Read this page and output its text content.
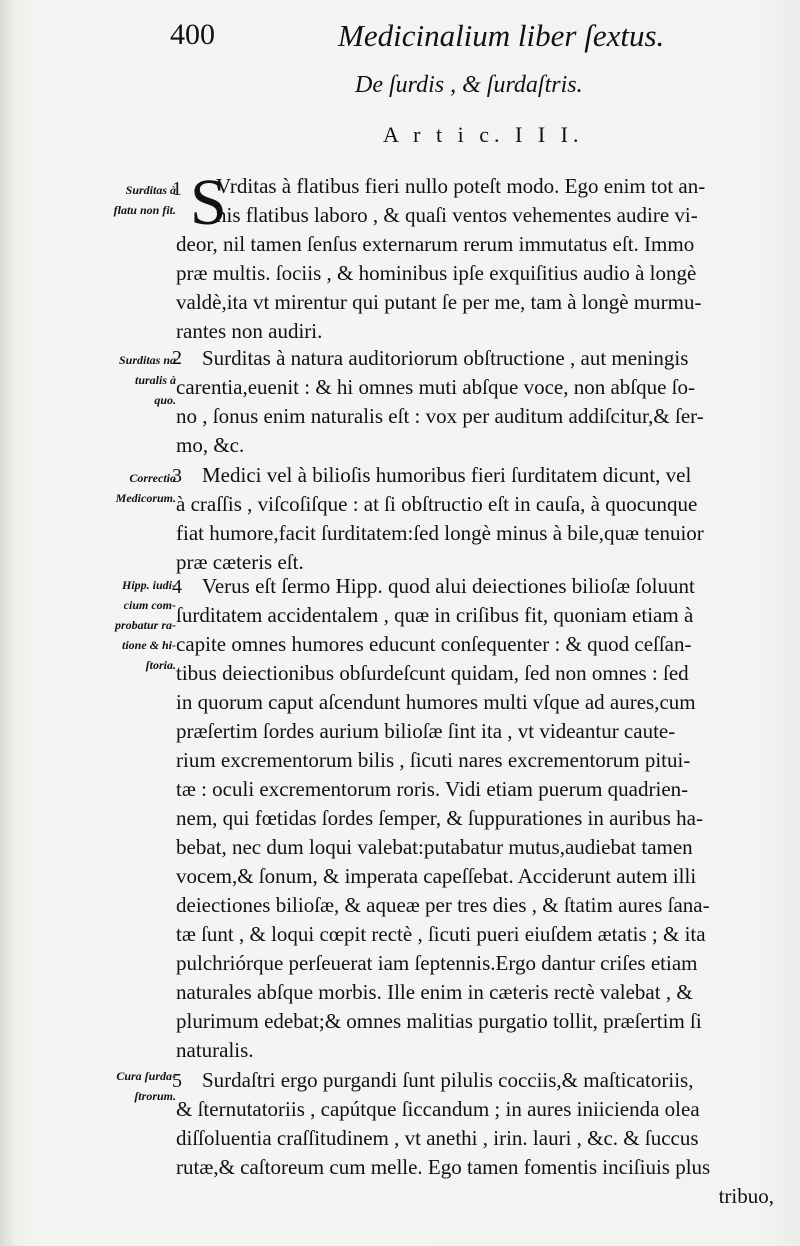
400	Medicinalium liber ſextus.
De ſurdis , & ſurdaſtris.
A r t i c. I I I.
Surditas à
flatu non fit.
1 S
Vrditas à flatibus fieri nullo poteſt modo. Ego enim tot an-
nis flatibus laboro , & quaſi ventos vehementes audire vi-
deor, nil tamen ſenſus externarum rerum immutatus eſt. Immo
præ multis. ſociis , & hominibus ipſe exquiſitius audio à longè
valdè,ita vt mirentur qui putant ſe per me, tam à longè murmu-
rantes non audiri.
Surditas na
turalis à
quo.
2 Surditas à natura auditoriorum obſtructione , aut meningis
carentia,euenit : & hi omnes muti abſque voce, non abſque ſo-
no , ſonus enim naturalis eſt : vox per auditum addiſcitur,& ſer-
mo, &c.
Correctio
Medicorum.
3 Medici vel à bilioſis humoribus fieri ſurditatem dicunt, vel
à craſſis , viſcoſiſque : at ſi obſtructio eſt in cauſa, à quocunque
fiat humore,facit ſurditatem:ſed longè minus à bile,quæ tenuior
præ cæteris eſt.
Hipp. iudi-
cium com-
probatur ra-
tione & hi-
ſtoria.
4 Verus eſt ſermo Hipp. quod alui deiectiones bilioſæ ſoluunt
ſurditatem accidentalem , quæ in criſibus fit, quoniam etiam à
capite omnes humores educunt conſequenter : & quod ceſſan-
tibus deiectionibus obſurdeſcunt quidam, ſed non omnes : ſed
in quorum caput aſcendunt humores multi vſque ad aures,cum
præſertim ſordes aurium bilioſæ ſint ita , vt videantur caute-
rium excrementorum bilis , ſicuti nares excrementorum pitui-
tæ : oculi excrementorum roris. Vidi etiam puerum quadrien-
nem, qui fœtidas ſordes ſemper, & ſuppurationes in auribus ha-
bebat, nec dum loqui valebat:putabatur mutus,audiebat tamen
vocem,& ſonum, & imperata capeſſebat. Acciderunt autem illi
deiectiones bilioſæ, & aqueæ per tres dies , & ſtatim aures ſana-
tæ ſunt , & loqui cœpit rectè , ſicuti pueri eiuſdem ætatis ; & ita
pulchriórque perſeuerat iam ſeptennis.Ergo dantur criſes etiam
naturales abſque morbis. Ille enim in cæteris rectè valebat , &
plurimum edebat;& omnes malitias purgatio tollit, præſertim ſi
naturalis.
Cura ſurda-
ſtrorum.
5 Surdaſtri ergo purgandi ſunt pilulis cocciis,& maſticatoriis,
& ſternutatoriis , capútque ſiccandum ; in aures iniicienda olea
diſſoluentia craſſitudinem , vt anethi , irin. lauri , &c. & ſuccus
rutæ,& caſtoreum cum melle. Ego tamen fomentis inciſiuis plus
tribuo,
